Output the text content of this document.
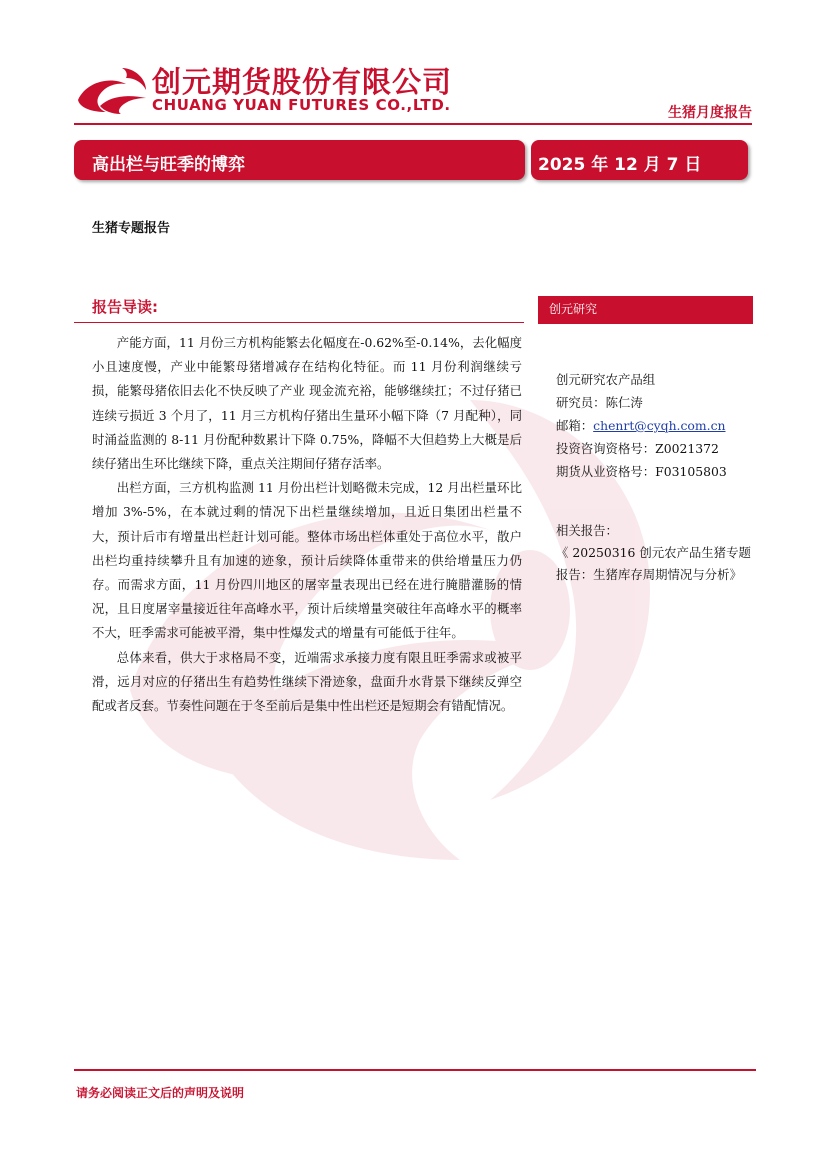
创元期货股份有限公司
CHUANG YUAN FUTURES CO.,LTD.	生猪月度报告
高出栏与旺季的博弈	2025 年 12 月 7 日
生猪专题报告
报告导读:

产能方面，11 月份三方机构能繁去化幅度在-0.62%至-0.14%，去化幅度小且速度慢，产业中能繁母猪增减存在结构化特征。而 11 月份利润继续亏损，能繁母猪依旧去化不快反映了产业 现金流充裕，能够继续扛；不过仔猪已连续亏损近 3 个月了，11 月三方机构仔猪出生量环小幅下降（7 月配种），同时涌益监测的 8-11 月份配种数累计下降 0.75%，降幅不大但趋势上大概是后续仔猪出生环比继续下降，重点关注期间仔猪存活率。

出栏方面，三方机构监测 11 月份出栏计划略微未完成，12 月出栏量环比增加 3%-5%，在本就过剩的情况下出栏量继续增加，且近日集团出栏量不大，预计后市有增量出栏赶计划可能。整体市场出栏体重处于高位水平，散户出栏均重持续攀升且有加速的迹象，预计后续降体重带来的供给增量压力仍存。而需求方面，11 月份四川地区的屠宰量表现出已经在进行腌腊灌肠的情况，且日度屠宰量接近往年高峰水平，预计后续增量突破往年高峰水平的概率不大，旺季需求可能被平滑，集中性爆发式的增量有可能低于往年。

总体来看，供大于求格局不变，近端需求承接力度有限且旺季需求或被平滑，远月对应的仔猪出生有趋势性继续下滑迹象，盘面升水背景下继续反弹空配或者反套。节奏性问题在于冬至前后是集中性出栏还是短期会有错配情况。

创元研究
创元研究农产品组
研究员：陈仁涛
邮箱：chenrt@cyqh.com.cn
投资咨询资格号：Z0021372
期货从业资格号：F03105803
相关报告：
《 20250316 创元农产品生猪专题报告：生猪库存周期情况与分析》
请务必阅读正文后的声明及说明
